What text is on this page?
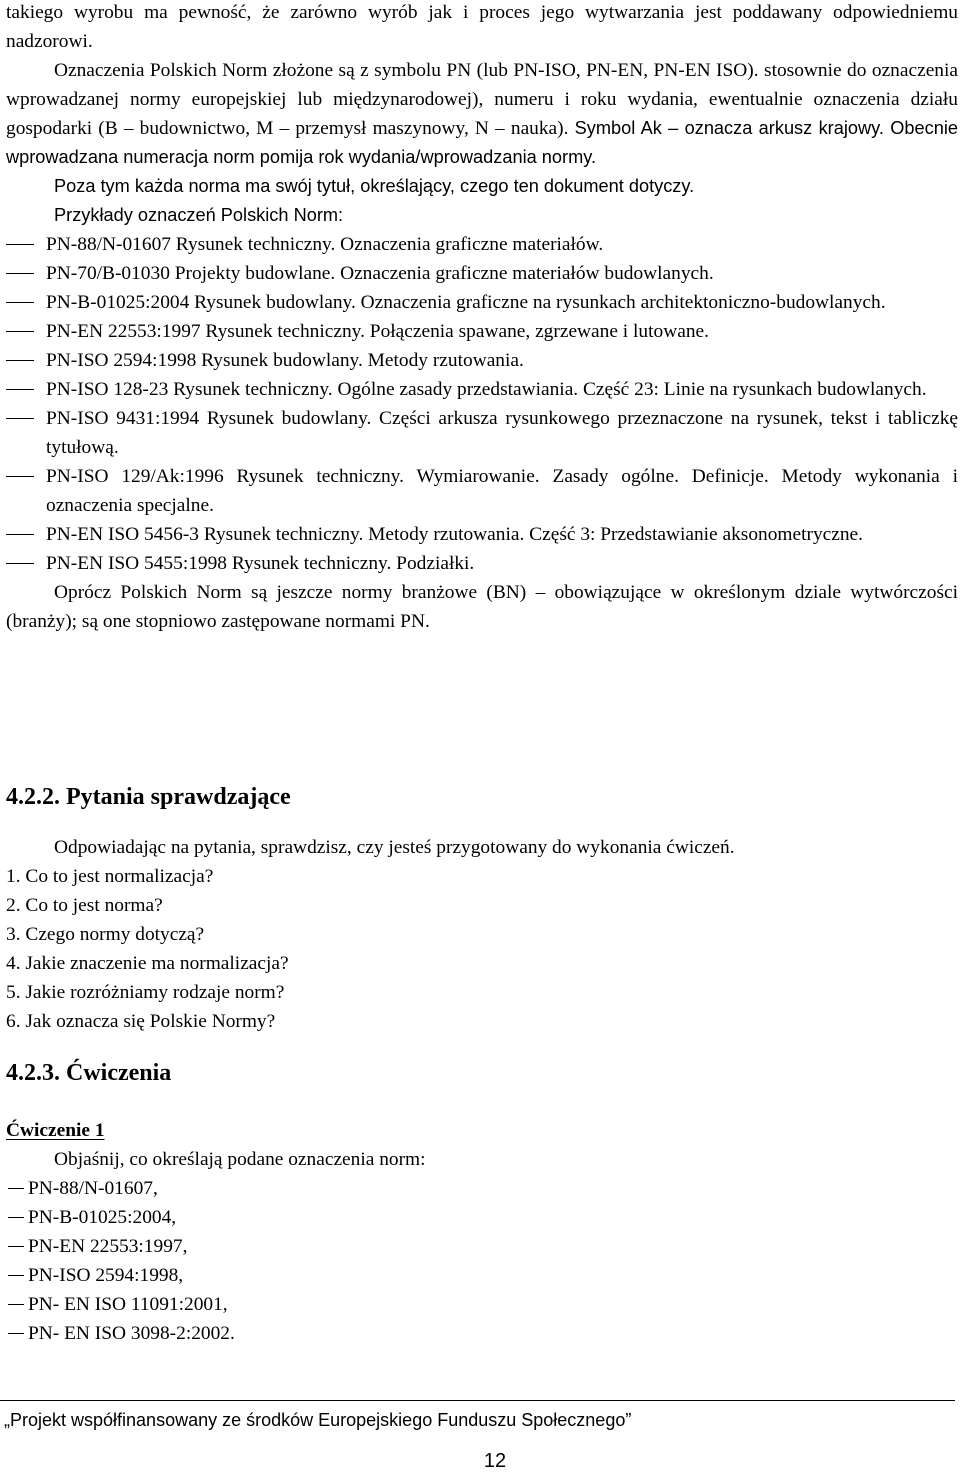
takiego wyrobu ma pewność, że zarówno wyrób jak i proces jego wytwarzania jest poddawany odpowiedniemu nadzorowi.

Oznaczenia Polskich Norm złożone są z symbolu PN (lub PN-ISO, PN-EN, PN-EN ISO). stosownie do oznaczenia wprowadzanej normy europejskiej lub międzynarodowej), numeru i roku wydania, ewentualnie oznaczenia działu gospodarki (B – budownictwo, M – przemysł maszynowy, N – nauka). Symbol Ak – oznacza arkusz krajowy. Obecnie wprowadzana numeracja norm pomija rok wydania/wprowadzania normy.

Poza tym każda norma ma swój tytuł, określający, czego ten dokument dotyczy.

Przykłady oznaczeń Polskich Norm:

PN-88/N-01607 Rysunek techniczny. Oznaczenia graficzne materiałów.
PN-70/B-01030 Projekty budowlane. Oznaczenia graficzne materiałów budowlanych.
PN-B-01025:2004 Rysunek budowlany. Oznaczenia graficzne na rysunkach architektoniczno-budowlanych.
PN-EN 22553:1997 Rysunek techniczny. Połączenia spawane, zgrzewane i lutowane.
PN-ISO 2594:1998 Rysunek budowlany. Metody rzutowania.
PN-ISO 128-23 Rysunek techniczny. Ogólne zasady przedstawiania. Część 23: Linie na rysunkach budowlanych.
PN-ISO 9431:1994 Rysunek budowlany. Części arkusza rysunkowego przeznaczone na rysunek, tekst i tabliczkę tytułową.
PN-ISO 129/Ak:1996 Rysunek techniczny. Wymiarowanie. Zasady ogólne. Definicje. Metody wykonania i oznaczenia specjalne.
PN-EN ISO 5456-3 Rysunek techniczny. Metody rzutowania. Część 3: Przedstawianie aksonometryczne.
PN-EN ISO 5455:1998 Rysunek techniczny. Podziałki.

Oprócz Polskich Norm są jeszcze normy branżowe (BN) – obowiązujące w określonym dziale wytwórczości (branży); są one stopniowo zastępowane normami PN.

4.2.2. Pytania sprawdzające

Odpowiadając na pytania, sprawdzisz, czy jesteś przygotowany do wykonania ćwiczeń.

1. Co to jest normalizacja?
2. Co to jest norma?
3. Czego normy dotyczą?
4. Jakie znaczenie ma normalizacja?
5. Jakie rozróżniamy rodzaje norm?
6. Jak oznacza się Polskie Normy?
4.2.3. Ćwiczenia

Ćwiczenie 1

Objaśnij, co określają podane oznaczenia norm:

PN-88/N-01607,
PN-B-01025:2004,
PN-EN 22553:1997,
PN-ISO 2594:1998,
PN- EN ISO 11091:2001,
PN- EN ISO 3098-2:2002.
„Projekt współfinansowany ze środków Europejskiego Funduszu Społecznego”
12
